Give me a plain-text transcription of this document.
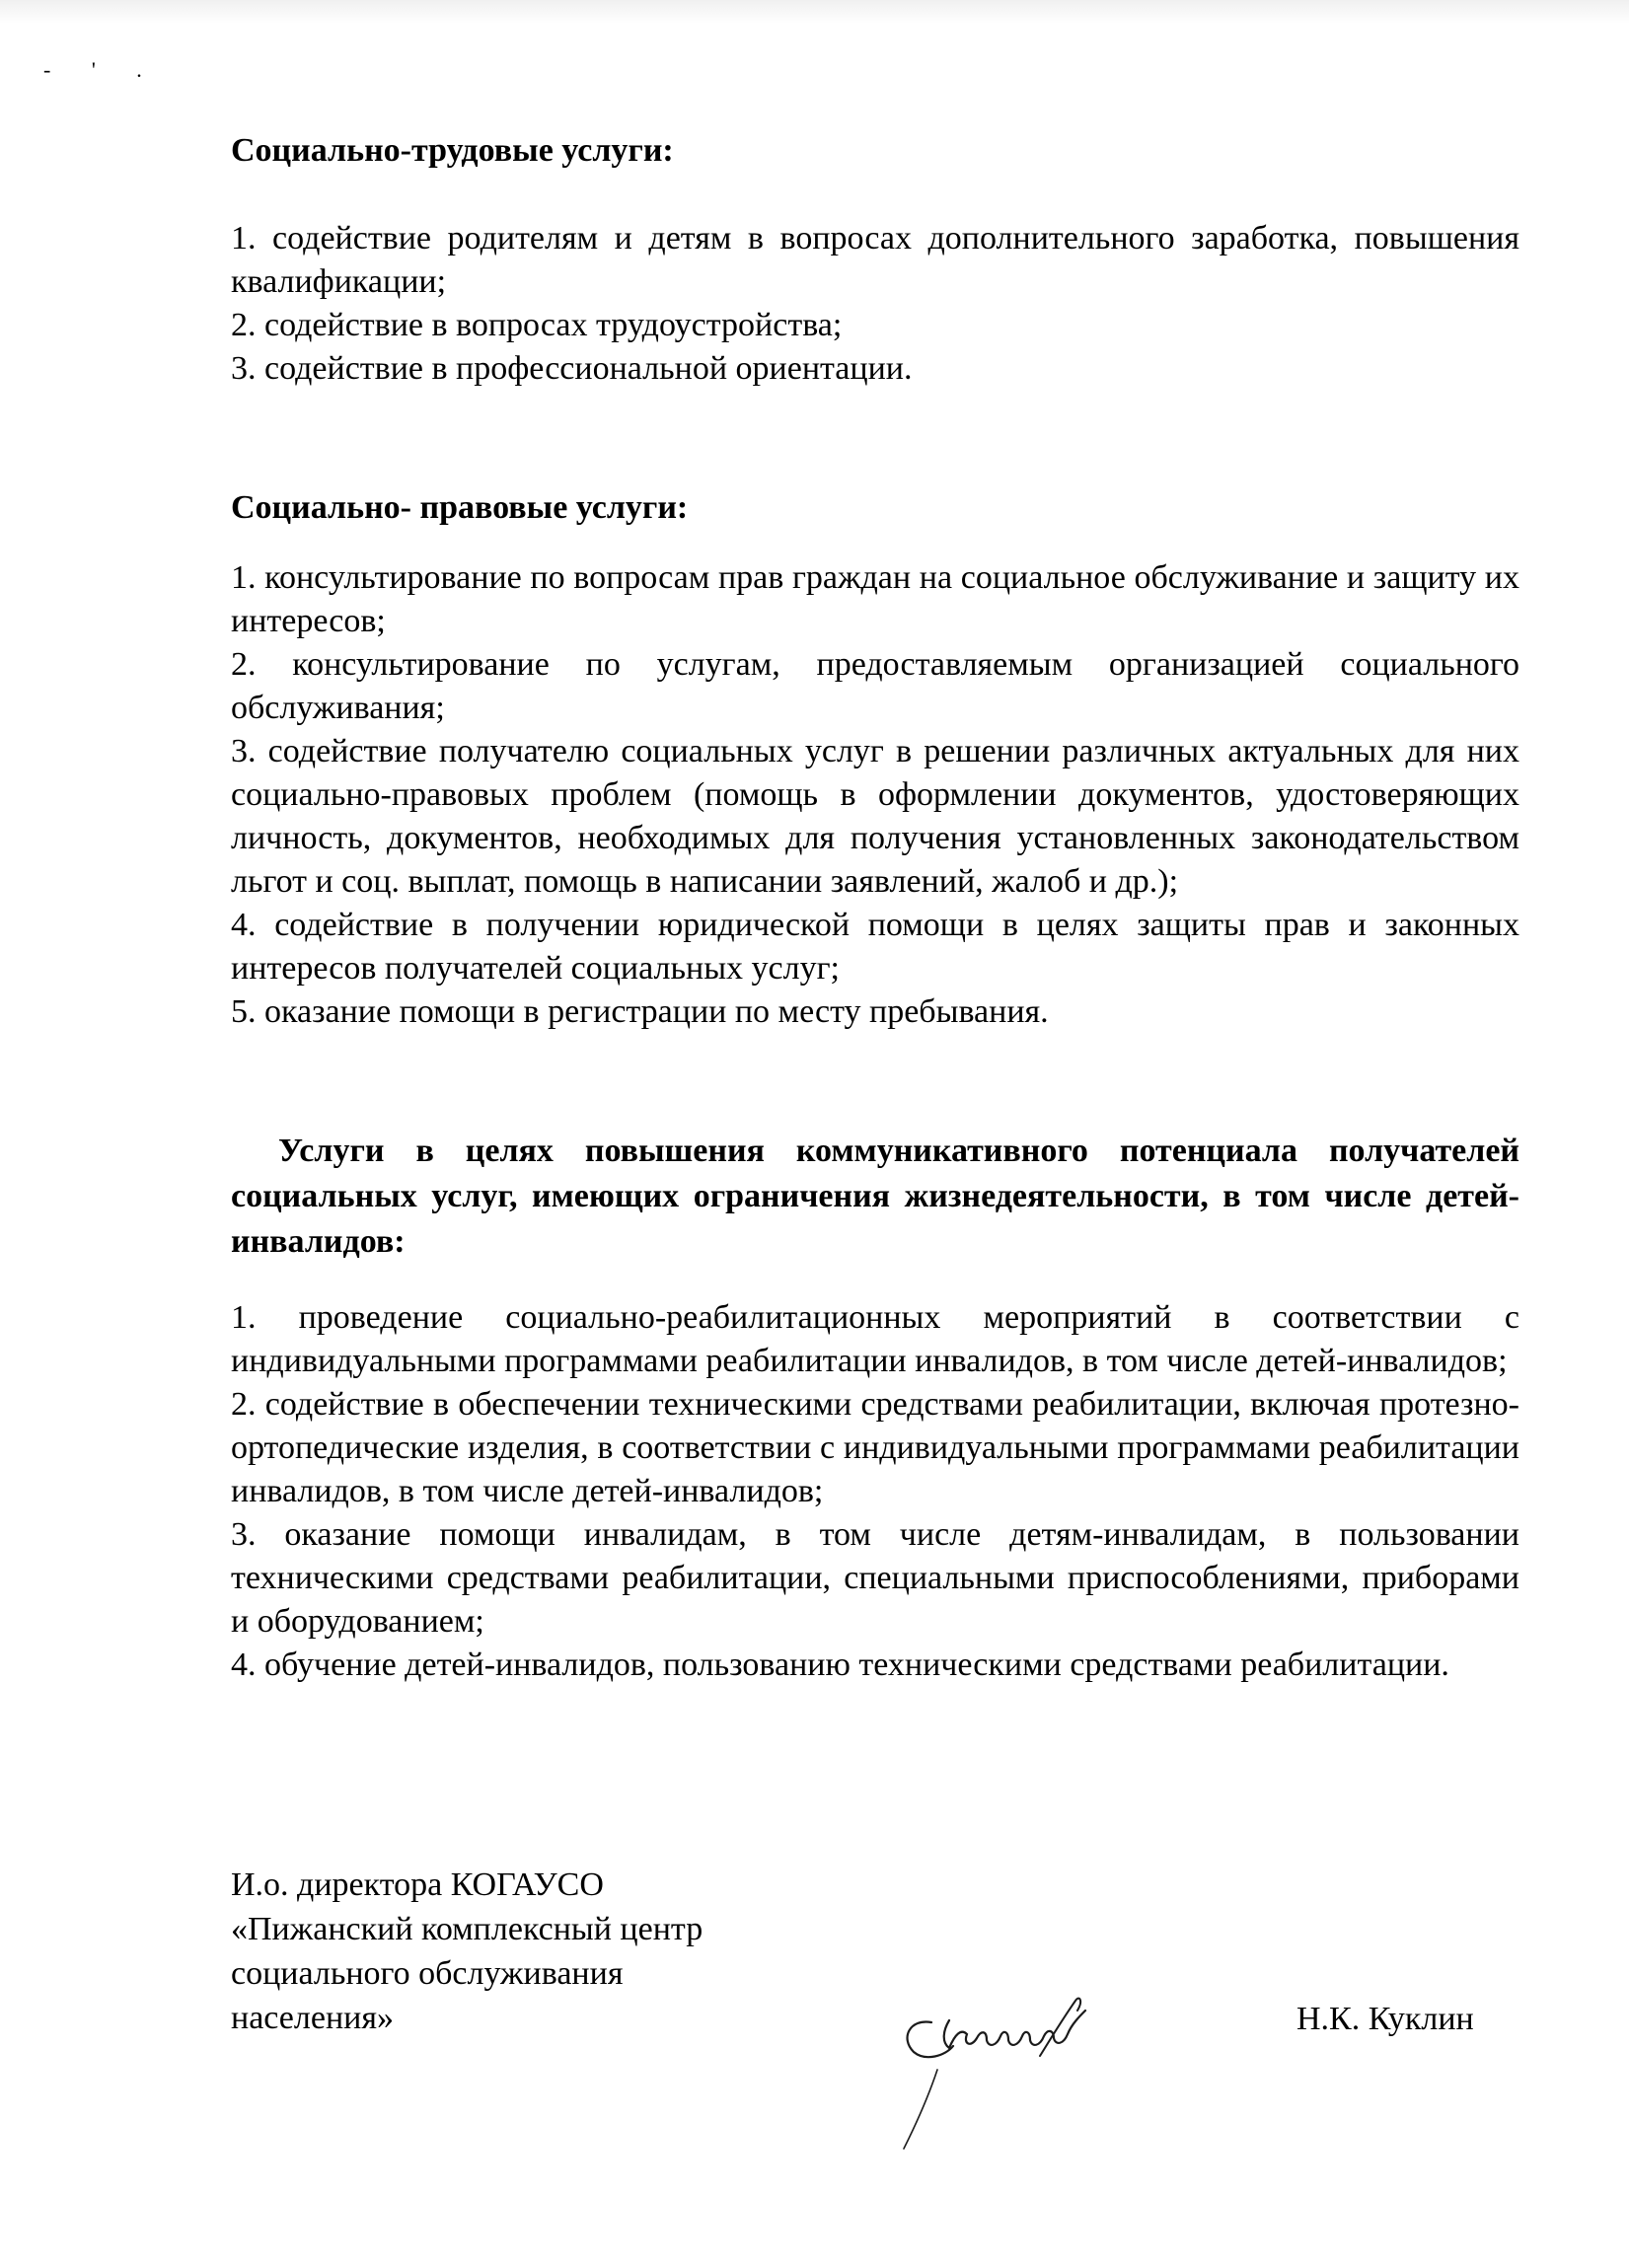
- ' .

Социально-трудовые услуги:

1. содействие родителям и детям в вопросах дополнительного заработка, повышения квалификации;

2. содействие в вопросах трудоустройства;

3. содействие в профессиональной ориентации.

Социально- правовые услуги:

1. консультирование по вопросам прав граждан на социальное обслуживание и защиту их интересов;

2. консультирование по услугам, предоставляемым организацией социального обслуживания;

3. содействие получателю социальных услуг в решении различных актуальных для них социально-правовых проблем (помощь в оформлении документов, удостоверяющих личность, документов, необходимых для получения установленных законодательством льгот и соц. выплат, помощь в написании заявлений, жалоб и др.);

4. содействие в получении юридической помощи в целях защиты прав и законных интересов получателей социальных услуг;

5. оказание помощи в регистрации по месту пребывания.

Услуги в целях повышения коммуникативного потенциала получателей социальных услуг, имеющих ограничения жизнедеятельности, в том числе детей-инвалидов:

1. проведение социально-реабилитационных мероприятий в соответствии с индивидуальными программами реабилитации инвалидов, в том числе детей-инвалидов;

2. содействие в обеспечении техническими средствами реабилитации, включая протезно-ортопедические изделия, в соответствии с индивидуальными программами реабилитации инвалидов, в том числе детей-инвалидов;

3. оказание помощи инвалидам, в том числе детям-инвалидам, в пользовании техническими средствами реабилитации, специальными приспособлениями, приборами и оборудованием;

4. обучение детей-инвалидов, пользованию техническими средствами реабилитации.

И.о. директора КОГАУСО
«Пижанский комплексный центр
социального обслуживания
населения»	Н.К. Куклин
